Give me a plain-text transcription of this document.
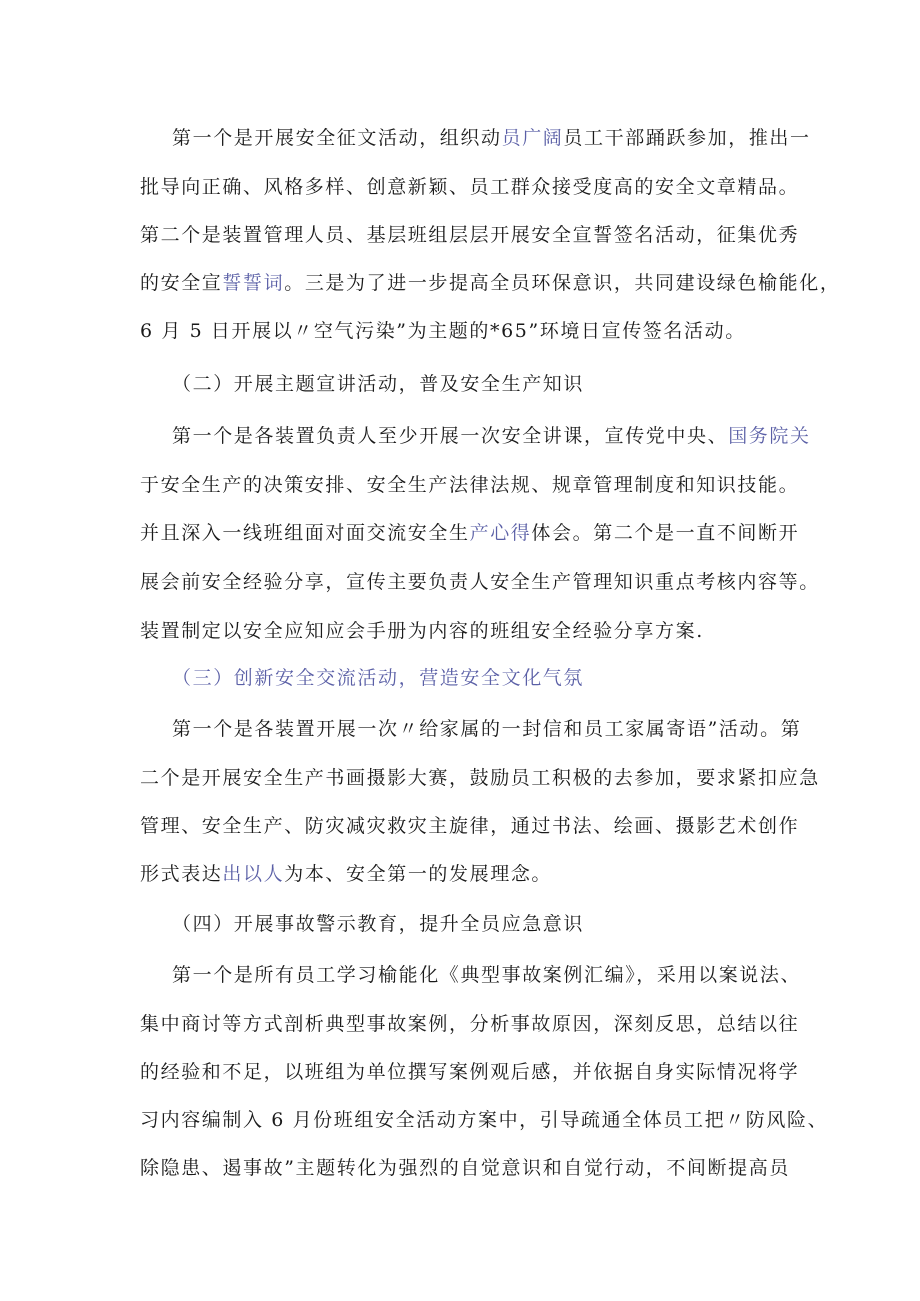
第一个是开展安全征文活动，组织动员广阔员工干部踊跃参加，推出一
批导向正确、风格多样、创意新颖、员工群众接受度高的安全文章精品。
第二个是装置管理人员、基层班组层层开展安全宣誓签名活动，征集优秀
的安全宣誓誓词。三是为了进一步提高全员环保意识，共同建设绿色榆能化，
6 月 5 日开展以〃空气污染”为主题的*65”环境日宣传签名活动。
（二）开展主题宣讲活动，普及安全生产知识
第一个是各装置负责人至少开展一次安全讲课，宣传党中央、国务院关
于安全生产的决策安排、安全生产法律法规、规章管理制度和知识技能。
并且深入一线班组面对面交流安全生产心得体会。第二个是一直不间断开
展会前安全经验分享，宣传主要负责人安全生产管理知识重点考核内容等。
装置制定以安全应知应会手册为内容的班组安全经验分享方案.
（三）创新安全交流活动，营造安全文化气氛
第一个是各装置开展一次〃给家属的一封信和员工家属寄语”活动。第
二个是开展安全生产书画摄影大赛，鼓励员工积极的去参加，要求紧扣应急
管理、安全生产、防灾减灾救灾主旋律，通过书法、绘画、摄影艺术创作
形式表达出以人为本、安全第一的发展理念。
（四）开展事故警示教育，提升全员应急意识
第一个是所有员工学习榆能化《典型事故案例汇编》，采用以案说法、
集中商讨等方式剖析典型事故案例，分析事故原因，深刻反思，总结以往
的经验和不足，以班组为单位撰写案例观后感，并依据自身实际情况将学
习内容编制入 6 月份班组安全活动方案中，引导疏通全体员工把〃防风险、
除隐患、遏事故”主题转化为强烈的自觉意识和自觉行动，不间断提高员
